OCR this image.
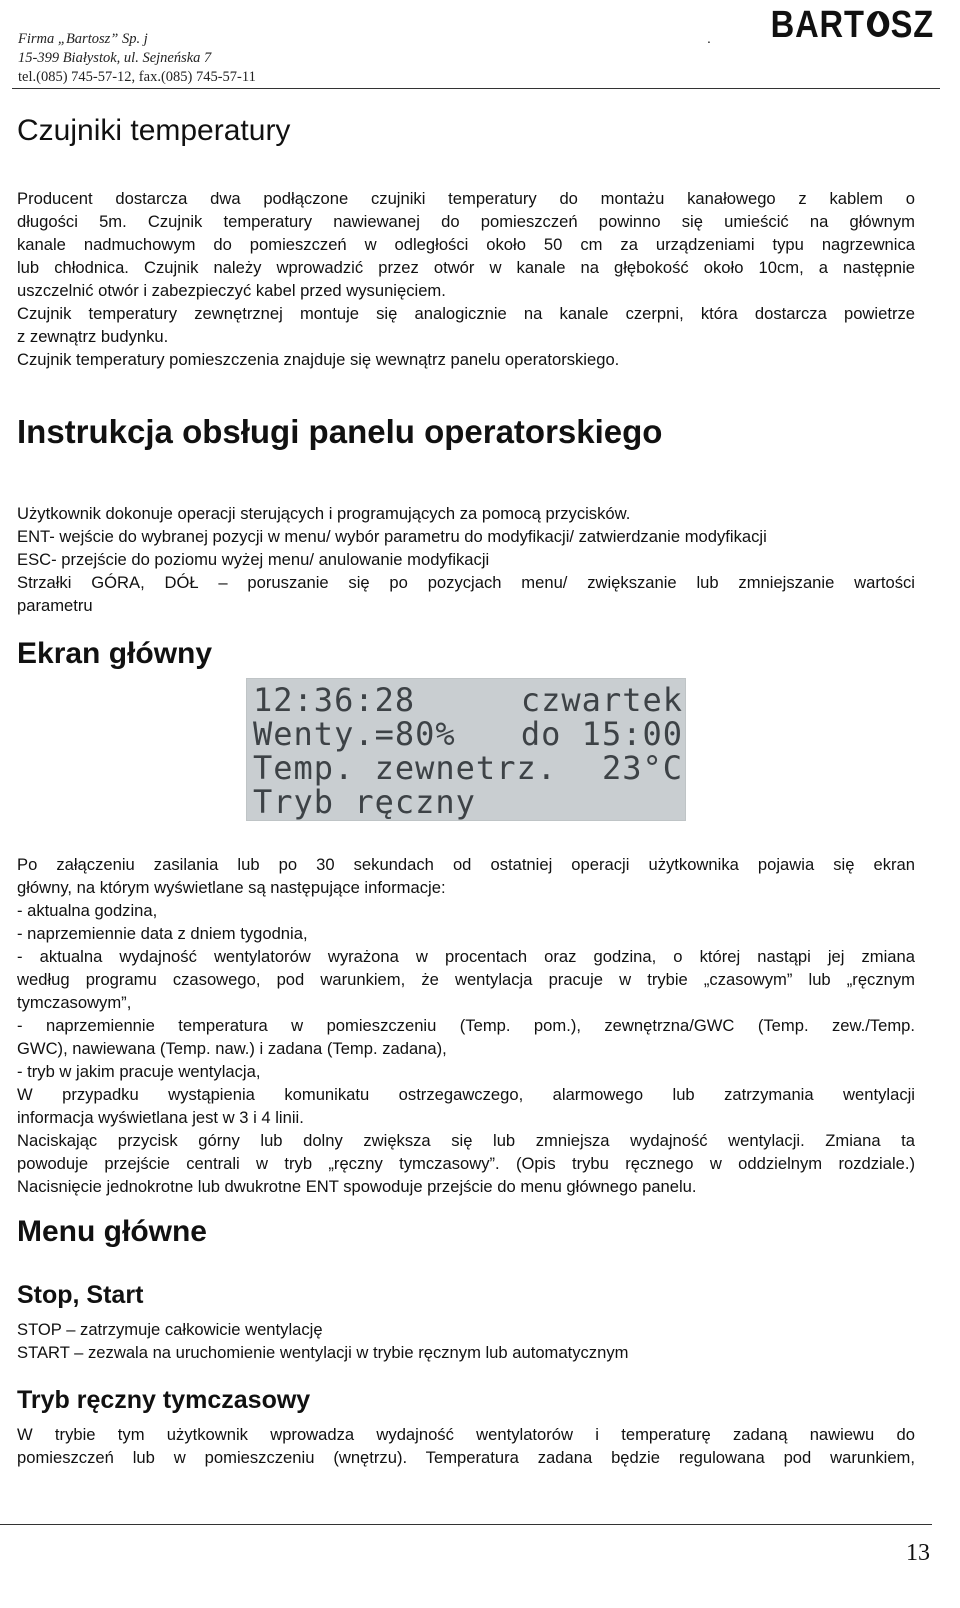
Firma „Bartosz” Sp. j
15-399 Białystok, ul. Sejneńska 7
tel.(085) 745-57-12, fax.(085) 745-57-11
. BART SZ
Czujniki temperatury
Producent dostarcza dwa podłączone czujniki temperatury do montażu kanałowego z kablem o
długości 5m. Czujnik temperatury nawiewanej do pomieszczeń powinno się umieścić na głównym
kanale nadmuchowym do pomieszczeń w odległości około 50 cm za urządzeniami typu nagrzewnica
lub chłodnica. Czujnik należy wprowadzić przez otwór w kanale na głębokość około 10cm, a następnie
uszczelnić otwór i zabezpieczyć kabel przed wysunięciem.
Czujnik temperatury zewnętrznej montuje się analogicznie na kanale czerpni, która dostarcza powietrze
z zewnątrz budynku.
Czujnik temperatury pomieszczenia znajduje się wewnątrz panelu operatorskiego.
Instrukcja obsługi panelu operatorskiego
Użytkownik dokonuje operacji sterujących i programujących za pomocą przycisków.
ENT- wejście do wybranej pozycji w menu/ wybór parametru do modyfikacji/ zatwierdzanie modyfikacji
ESC- przejście do poziomu wyżej menu/ anulowanie modyfikacji
Strzałki GÓRA, DÓŁ – poruszanie się po pozycjach menu/ zwiększanie lub zmniejszanie wartości
parametru
Ekran główny
12:36:28	czwartek
Wenty.=80% do 15:00
Temp. zewnetrz. 23°C
Tryb ręczny
Po załączeniu zasilania lub po 30 sekundach od ostatniej operacji użytkownika pojawia się ekran
główny, na którym wyświetlane są następujące informacje:
- aktualna godzina,
- naprzemiennie data z dniem tygodnia,
- aktualna wydajność wentylatorów wyrażona w procentach oraz godzina, o której nastąpi jej zmiana
według programu czasowego, pod warunkiem, że wentylacja pracuje w trybie „czasowym” lub „ręcznym
tymczasowym”,
- naprzemiennie temperatura w pomieszczeniu (Temp. pom.), zewnętrzna/GWC (Temp. zew./Temp.
GWC), nawiewana (Temp. naw.) i zadana (Temp. zadana),
- tryb w jakim pracuje wentylacja,
W przypadku wystąpienia komunikatu ostrzegawczego, alarmowego lub zatrzymania wentylacji
informacja wyświetlana jest w 3 i 4 linii.
Naciskając przycisk górny lub dolny zwiększa się lub zmniejsza wydajność wentylacji. Zmiana ta
powoduje przejście centrali w tryb „ręczny tymczasowy”. (Opis trybu ręcznego w oddzielnym rozdziale.)
Nacisnięcie jednokrotne lub dwukrotne ENT spowoduje przejście do menu głównego panelu.
Menu główne
Stop, Start
STOP – zatrzymuje całkowicie wentylację
START – zezwala na uruchomienie wentylacji w trybie ręcznym lub automatycznym
Tryb ręczny tymczasowy
W trybie tym użytkownik wprowadza wydajność wentylatorów i temperaturę zadaną nawiewu do
pomieszczeń lub w pomieszczeniu (wnętrzu). Temperatura zadana będzie regulowana pod warunkiem,
13
